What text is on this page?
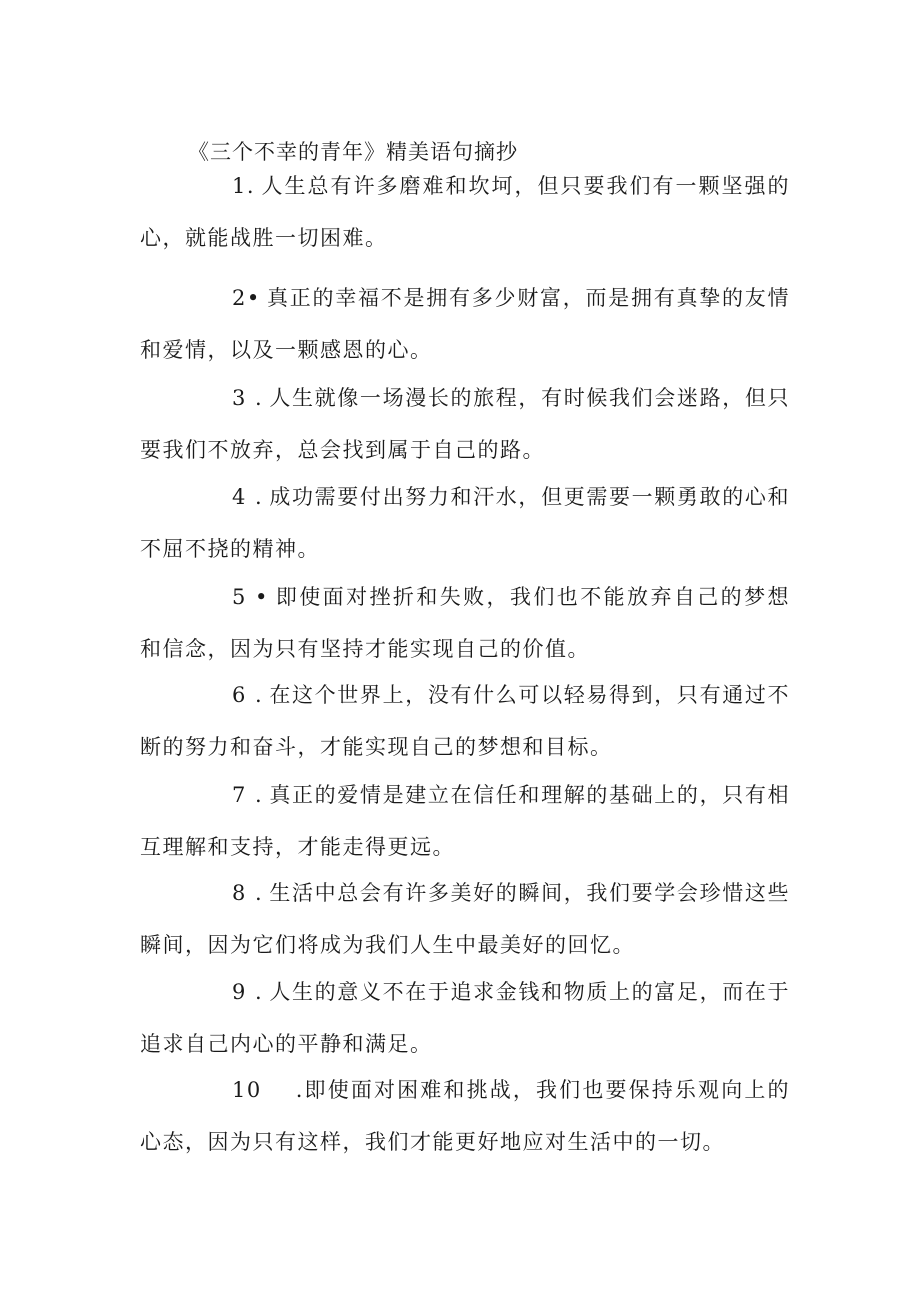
《三个不幸的青年》精美语句摘抄
1. 人生总有许多磨难和坎坷，但只要我们有一颗坚强的心，就能战胜一切困难。
2• 真正的幸福不是拥有多少财富，而是拥有真挚的友情和爱情，以及一颗感恩的心。
3 . 人生就像一场漫长的旅程，有时候我们会迷路，但只要我们不放弃，总会找到属于自己的路。
4 . 成功需要付出努力和汗水，但更需要一颗勇敢的心和不屈不挠的精神。
5 • 即使面对挫折和失败，我们也不能放弃自己的梦想和信念，因为只有坚持才能实现自己的价值。
6 . 在这个世界上，没有什么可以轻易得到，只有通过不断的努力和奋斗，才能实现自己的梦想和目标。
7 . 真正的爱情是建立在信任和理解的基础上的，只有相互理解和支持，才能走得更远。
8 . 生活中总会有许多美好的瞬间，我们要学会珍惜这些瞬间，因为它们将成为我们人生中最美好的回忆。
9 . 人生的意义不在于追求金钱和物质上的富足，而在于追求自己内心的平静和满足。
10 .即使面对困难和挑战，我们也要保持乐观向上的心态，因为只有这样，我们才能更好地应对生活中的一切。
